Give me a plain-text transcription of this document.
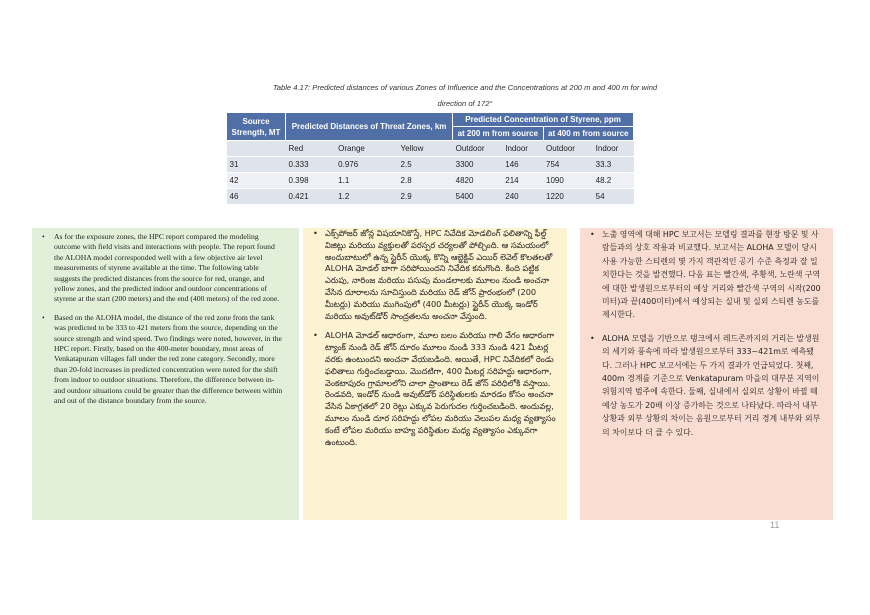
Table 4.17: Predicted distances of various Zones of Influence and the Concentrations at 200 m and 400 m for wind
direction of 172°
Source Strength, MT	Predicted Distances of Threat Zones, km			Predicted Concentration of Styrene, ppm			
				at 200 m from source		at 400 m from source	
	Red	Orange	Yellow	Outdoor	Indoor	Outdoor	Indoor
31	0.333	0.976	2.5	3300	146	754	33.3
42	0.398	1.1	2.8	4820	214	1090	48.2
46	0.421	1.2	2.9	5400	240	1220	54
• As for the exposure zones, the HPC report compared the modeling outcome with field visits and interactions with people. The report found the ALOHA model corresponded well with a few objective air level measurements of styrene available at the time. The following table suggests the predicted distances from the source for red, orange, and yellow zones, and the predicted indoor and outdoor concentrations of styrene at the start (200 meters) and the end (400 meters) of the red zone.
• Based on the ALOHA model, the distance of the red zone from the tank was predicted to be 333 to 421 meters from the source, depending on the source strength and wind speed. Two findings were noted, however, in the HPC report. Firstly, based on the 400-meter boundary, most areas of Venkatapuram villages fall under the red zone category. Secondly, more than 20-fold increases in predicted concentration were noted for the shift from indoor to outdoor situations. Therefore, the difference between in- and outdoor situations could be greater than the difference between within and out of the distance boundary from the source.
• ఎక్స్‌పోజర్ జోన్ల విషయానికొస్తే, HPC నివేదిక మోడలింగ్ ఫలితాన్ని ఫీల్డ్ విజిట్లు మరియు వ్యక్తులతో పరస్పర చర్యలతో పోల్చింది. ఆ సమయంలో అందుబాటులో ఉన్న స్టైరీన్ యొక్క కొన్ని ఆబ్జెక్టివ్ ఎయిర్ లెవెల్ కొలతలతో ALOHA మోడల్ బాగా సరిపోయిందని నివేదిక కనుగొంది. కింది పట్టిక ఎరుపు, నారింజ మరియు పసుపు మండలాలకు మూలం నుండి అంచనా వేసిన దూరాలను సూచిస్తుంది మరియు రెడ్ జోన్ ప్రారంభంలో (200 మీటర్లు) మరియు ముగింపులో (400 మీటర్లు) స్టైరీన్ యొక్క ఇండోర్ మరియు అవుట్‌డోర్ సాంద్రతలను అంచనా వేస్తుంది.
• ALOHA మోడల్ ఆధారంగా, మూల బలం మరియు గాలి వేగం ఆధారంగా ట్యాంక్ నుండి రెడ్ జోన్ దూరం మూలం నుండి 333 నుండి 421 మీటర్ల వరకు ఉంటుందని అంచనా వేయబడింది. అయితే, HPC నివేదికలో రెండు ఫలితాలు గుర్తించబడ్డాయి. మొదటిగా, 400 మీటర్ల సరిహద్దు ఆధారంగా, వెంకటాపురం గ్రామాలలోని చాలా ప్రాంతాలు రెడ్ జోన్ పరిధిలోకి వస్తాయి. రెండవది, ఇండోర్ నుండి అవుట్‌డోర్ పరిస్థితులకు మారడం కోసం అంచనా వేసిన ఏకాగ్రతలో 20 రెట్లు ఎక్కువ పెరుగుదల గుర్తించబడింది. అందువల్ల, మూలం నుండి దూర సరిహద్దు లోపల మరియు వెలుపల మధ్య వ్యత్యాసం కంటే లోపల మరియు బాహ్య పరిస్థితుల మధ్య వ్యత్యాసం ఎక్కువగా ఉంటుంది.
• 노출 영역에 대해 HPC 보고서는 모델링 결과를 현장 방문 및 사람들과의 상호 작용과 비교했다. 보고서는 ALOHA 모델이 당시 사용 가능한 스티렌의 몇 가지 객관적인 공기 수준 측정과 잘 일치한다는 것을 발견했다. 다음 표는 빨간색, 주황색, 노란색 구역에 대한 발생원으로부터의 예상 거리와 빨간색 구역의 시작(200미터)과 끝(400미터)에서 예상되는 실내 및 실외 스티렌 농도를 제시한다.
• ALOHA 모델을 기반으로 탱크에서 레드존까지의 거리는 발생원의 세기와 풍속에 따라 발생원으로부터 333~421m로 예측됐다. 그러나 HPC 보고서에는 두 가지 결과가 언급되었다. 첫째, 400m 경계를 기준으로 Venkatapuram 마을의 대부분 지역이 위험지역 범주에 속한다. 둘째, 실내에서 실외로 상황이 바뀔 때 예상 농도가 20배 이상 증가하는 것으로 나타났다. 따라서 내부 상황과 외부 상황의 차이는 음원으로부터 거리 경계 내부와 외부의 차이보다 더 클 수 있다.
11
